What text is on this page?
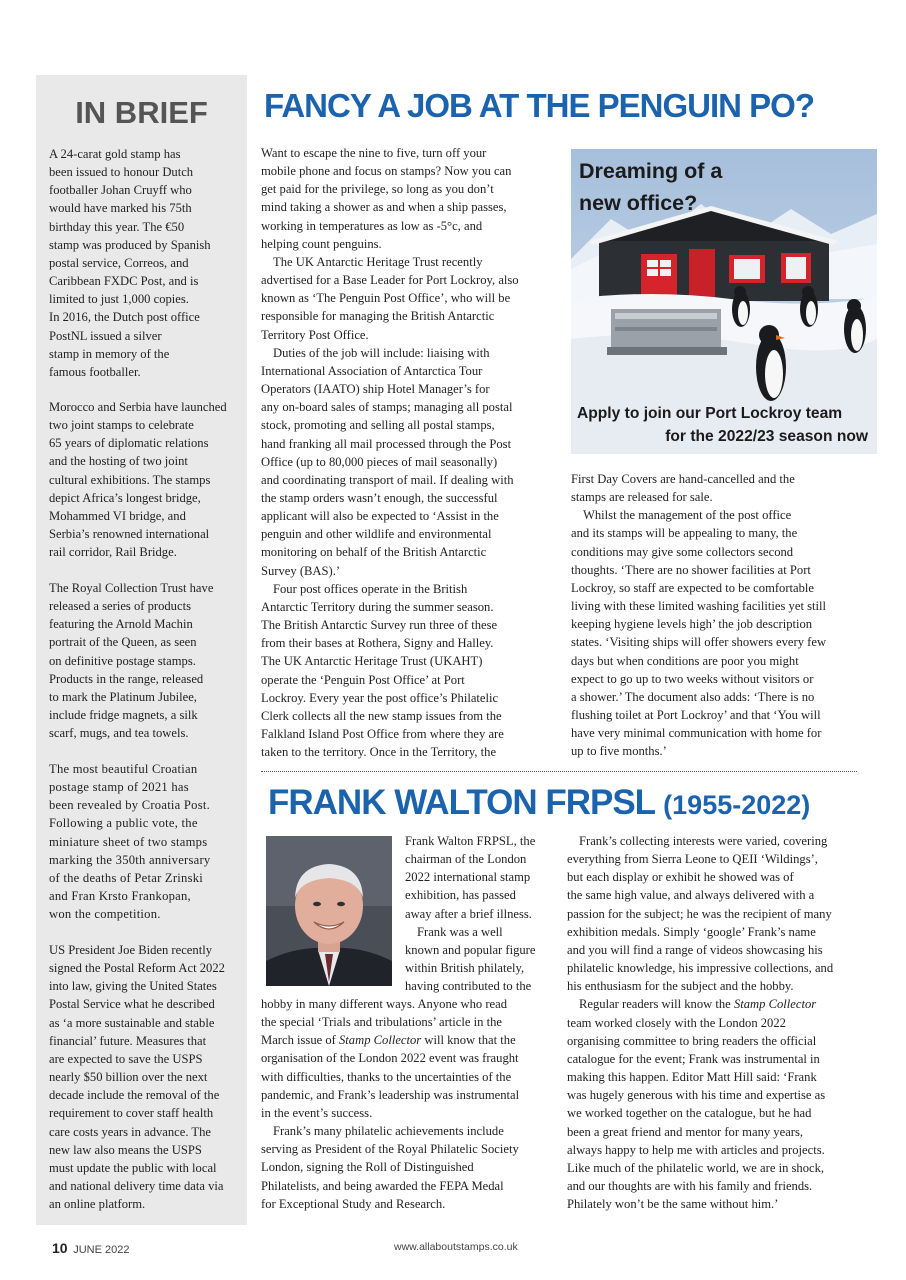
IN BRIEF

A 24-carat gold stamp has
been issued to honour Dutch
footballer Johan Cruyff who
would have marked his 75th
birthday this year. The €50
stamp was produced by Spanish
postal service, Correos, and
Caribbean FXDC Post, and is
limited to just 1,000 copies.
In 2016, the Dutch post office
PostNL issued a silver
stamp in memory of the
famous footballer.

Morocco and Serbia have launched
two joint stamps to celebrate
65 years of diplomatic relations
and the hosting of two joint
cultural exhibitions. The stamps
depict Africa’s longest bridge,
Mohammed VI bridge, and
Serbia’s renowned international
rail corridor, Rail Bridge.

The Royal Collection Trust have
released a series of products
featuring the Arnold Machin
portrait of the Queen, as seen
on definitive postage stamps.
Products in the range, released
to mark the Platinum Jubilee,
include fridge magnets, a silk
scarf, mugs, and tea towels.

The most beautiful Croatian
postage stamp of 2021 has
been revealed by Croatia Post.
Following a public vote, the
miniature sheet of two stamps
marking the 350th anniversary
of the deaths of Petar Zrinski
and Fran Krsto Frankopan,
won the competition.

US President Joe Biden recently
signed the Postal Reform Act 2022
into law, giving the United States
Postal Service what he described
as ‘a more sustainable and stable
financial’ future. Measures that
are expected to save the USPS
nearly $50 billion over the next
decade include the removal of the
requirement to cover staff health
care costs years in advance. The
new law also means the USPS
must update the public with local
and national delivery time data via
an online platform.

FANCY A JOB AT THE PENGUIN PO?
Want to escape the nine to five, turn off your
mobile phone and focus on stamps? Now you can
get paid for the privilege, so long as you don’t
mind taking a shower as and when a ship passes,
working in temperatures as low as -5°c, and
helping count penguins.
The UK Antarctic Heritage Trust recently
advertised for a Base Leader for Port Lockroy, also
known as ‘The Penguin Post Office’, who will be
responsible for managing the British Antarctic
Territory Post Office.
Duties of the job will include: liaising with
International Association of Antarctica Tour
Operators (IAATO) ship Hotel Manager’s for
any on-board sales of stamps; managing all postal
stock, promoting and selling all postal stamps,
hand franking all mail processed through the Post
Office (up to 80,000 pieces of mail seasonally)
and coordinating transport of mail. If dealing with
the stamp orders wasn’t enough, the successful
applicant will also be expected to ‘Assist in the
penguin and other wildlife and environmental
monitoring on behalf of the British Antarctic
Survey (BAS).’
Four post offices operate in the British
Antarctic Territory during the summer season.
The British Antarctic Survey run three of these
from their bases at Rothera, Signy and Halley.
The UK Antarctic Heritage Trust (UKAHT)
operate the ‘Penguin Post Office’ at Port
Lockroy. Every year the post office’s Philatelic
Clerk collects all the new stamp issues from the
Falkland Island Post Office from where they are
taken to the territory. Once in the Territory, the
Dreaming of a
new office?
Apply to join our Port Lockroy team
for the 2022/23 season now
First Day Covers are hand-cancelled and the
stamps are released for sale.
Whilst the management of the post office
and its stamps will be appealing to many, the
conditions may give some collectors second
thoughts. ‘There are no shower facilities at Port
Lockroy, so staff are expected to be comfortable
living with these limited washing facilities yet still
keeping hygiene levels high’ the job description
states. ‘Visiting ships will offer showers every few
days but when conditions are poor you might
expect to go up to two weeks without visitors or
a shower.’ The document also adds: ‘There is no
flushing toilet at Port Lockroy’ and that ‘You will
have very minimal communication with home for
up to five months.’
FRANK WALTON FRPSL (1955-2022)
Frank Walton FRPSL, the
chairman of the London
2022 international stamp
exhibition, has passed
away after a brief illness.
Frank was a well
known and popular figure
within British philately,
having contributed to the
hobby in many different ways. Anyone who read
the special ‘Trials and tribulations’ article in the
March issue of Stamp Collector will know that the
organisation of the London 2022 event was fraught
with difficulties, thanks to the uncertainties of the
pandemic, and Frank’s leadership was instrumental
in the event’s success.
Frank’s many philatelic achievements include
serving as President of the Royal Philatelic Society
London, signing the Roll of Distinguished
Philatelists, and being awarded the FEPA Medal
for Exceptional Study and Research.
Frank’s collecting interests were varied, covering
everything from Sierra Leone to QEII ‘Wildings’,
but each display or exhibit he showed was of
the same high value, and always delivered with a
passion for the subject; he was the recipient of many
exhibition medals. Simply ‘google’ Frank’s name
and you will find a range of videos showcasing his
philatelic knowledge, his impressive collections, and
his enthusiasm for the subject and the hobby.
Regular readers will know the Stamp Collector
team worked closely with the London 2022
organising committee to bring readers the official
catalogue for the event; Frank was instrumental in
making this happen. Editor Matt Hill said: ‘Frank
was hugely generous with his time and expertise as
we worked together on the catalogue, but he had
been a great friend and mentor for many years,
always happy to help me with articles and projects.
Like much of the philatelic world, we are in shock,
and our thoughts are with his family and friends.
Philately won’t be the same without him.’

10 JUNE 2022	www.allaboutstamps.co.uk
